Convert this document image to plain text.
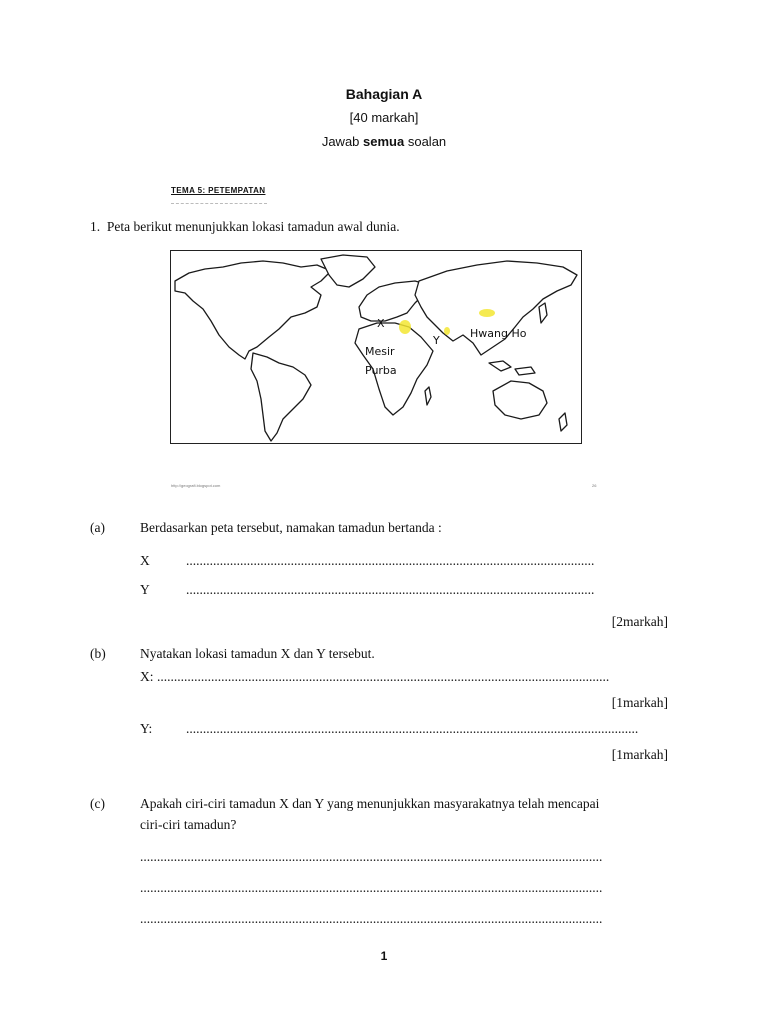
Bahagian A
[40 markah]
Jawab semua soalan
TEMA 5: PETEMPATAN
1. Peta berikut menunjukkan lokasi tamadun awal dunia.
X
Y
Hwang Ho
Mesir
Purba
http://geografi.blogspot.com	26
(a)	Berdasarkan peta tersebut, namakan tamadun bertanda :
X	.........................................................................................................................
Y	.........................................................................................................................
[2markah]
(b)	Nyatakan lokasi tamadun X dan Y tersebut.
X: ......................................................................................................................................
[1markah]
Y: ......................................................................................................................................
[1markah]
(c)	Apakah ciri-ciri tamadun X dan Y yang menunjukkan masyarakatnya telah mencapai
ciri-ciri tamadun?
.........................................................................................................................................
.........................................................................................................................................
.........................................................................................................................................
1
